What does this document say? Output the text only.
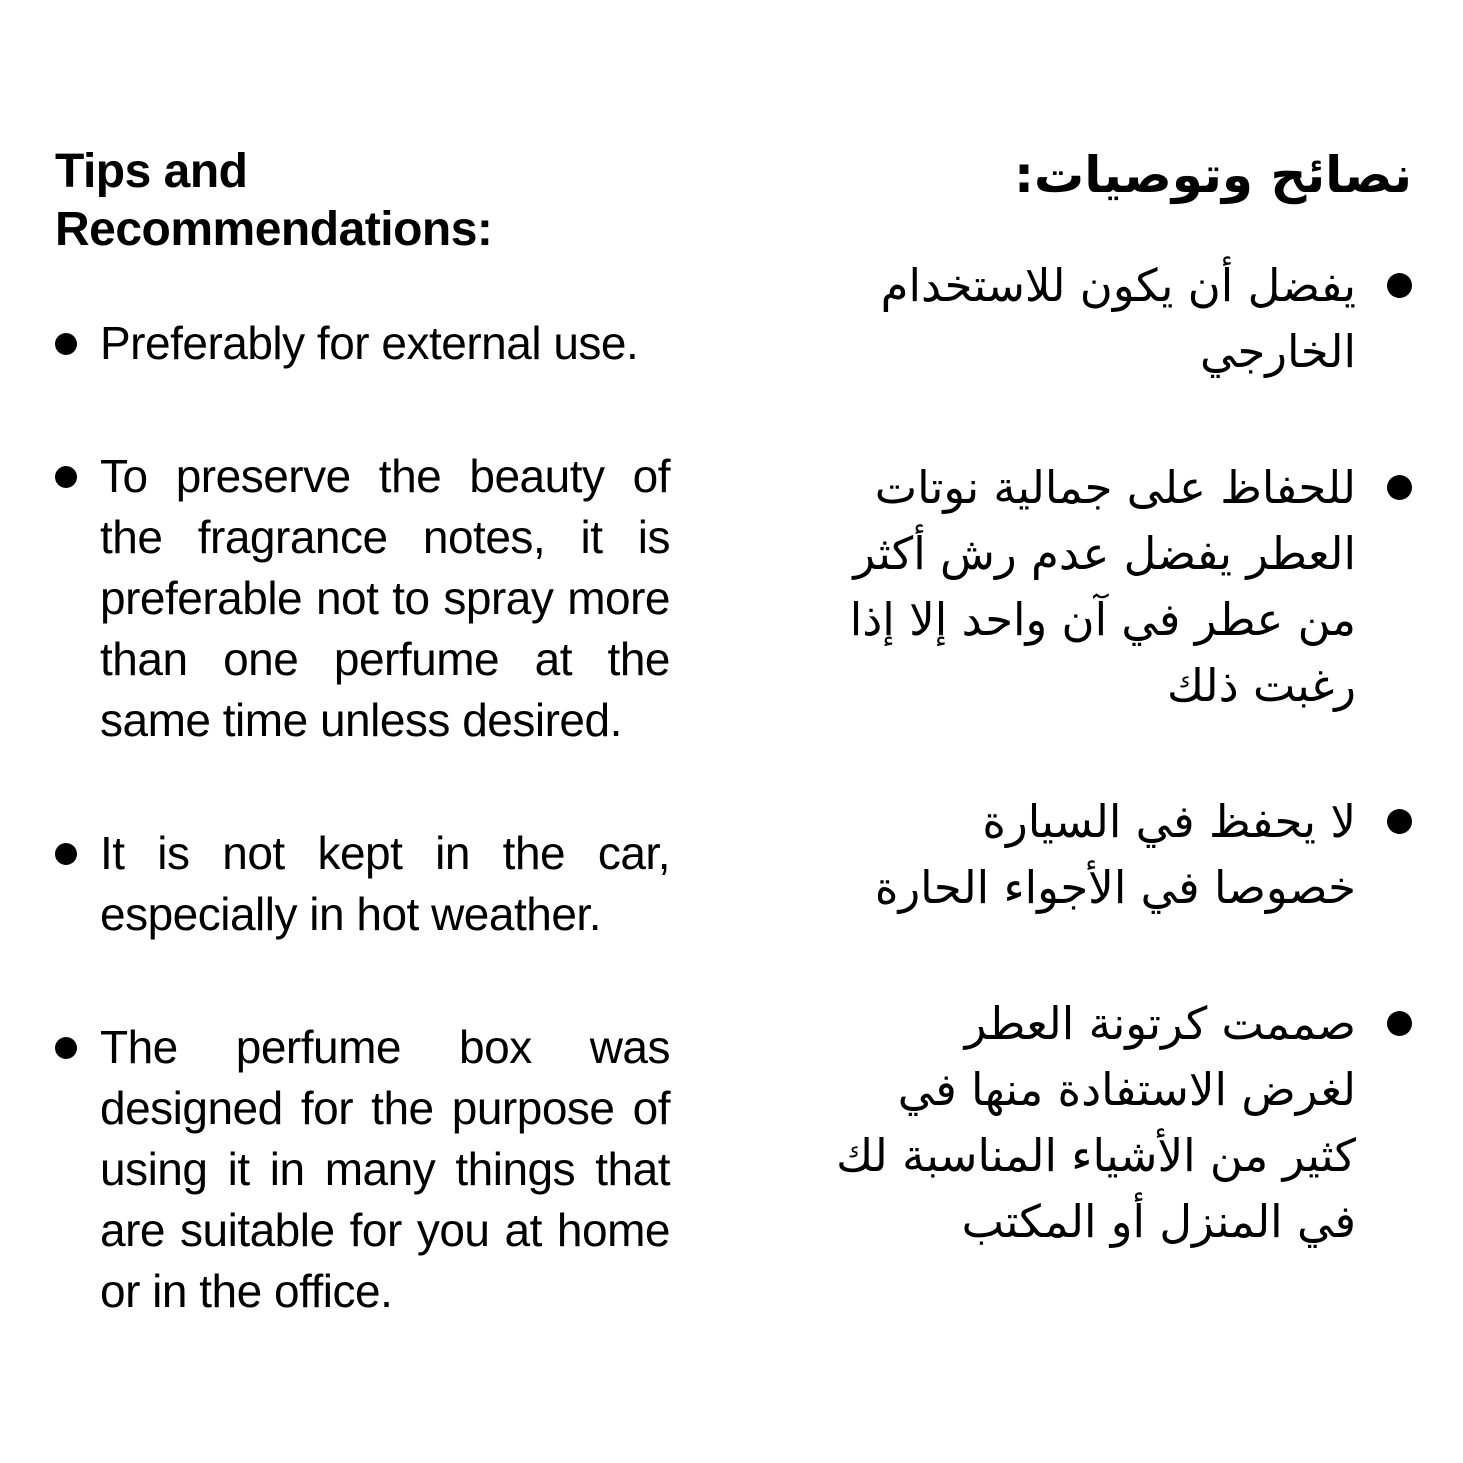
Tips and Recommendations:

Preferably for external use.

To preserve the beauty of the fragrance notes, it is preferable not to spray more than one perfume at the same time unless desired.

It is not kept in the car, especially in hot weather.

The perfume box was designed for the purpose of using it in many things that are suitable for you at home or in the office.

نصائح وتوصيات:

يفضل أن يكون للاستخدام الخارجي

للحفاظ على جمالية نوتات العطر يفضل عدم رش أكثر من عطر في آن واحد إلا إذا رغبت ذلك

لا يحفظ في السيارة خصوصا في الأجواء الحارة

صممت كرتونة العطر لغرض الاستفادة منها في كثير من الأشياء المناسبة لك في المنزل أو المكتب
